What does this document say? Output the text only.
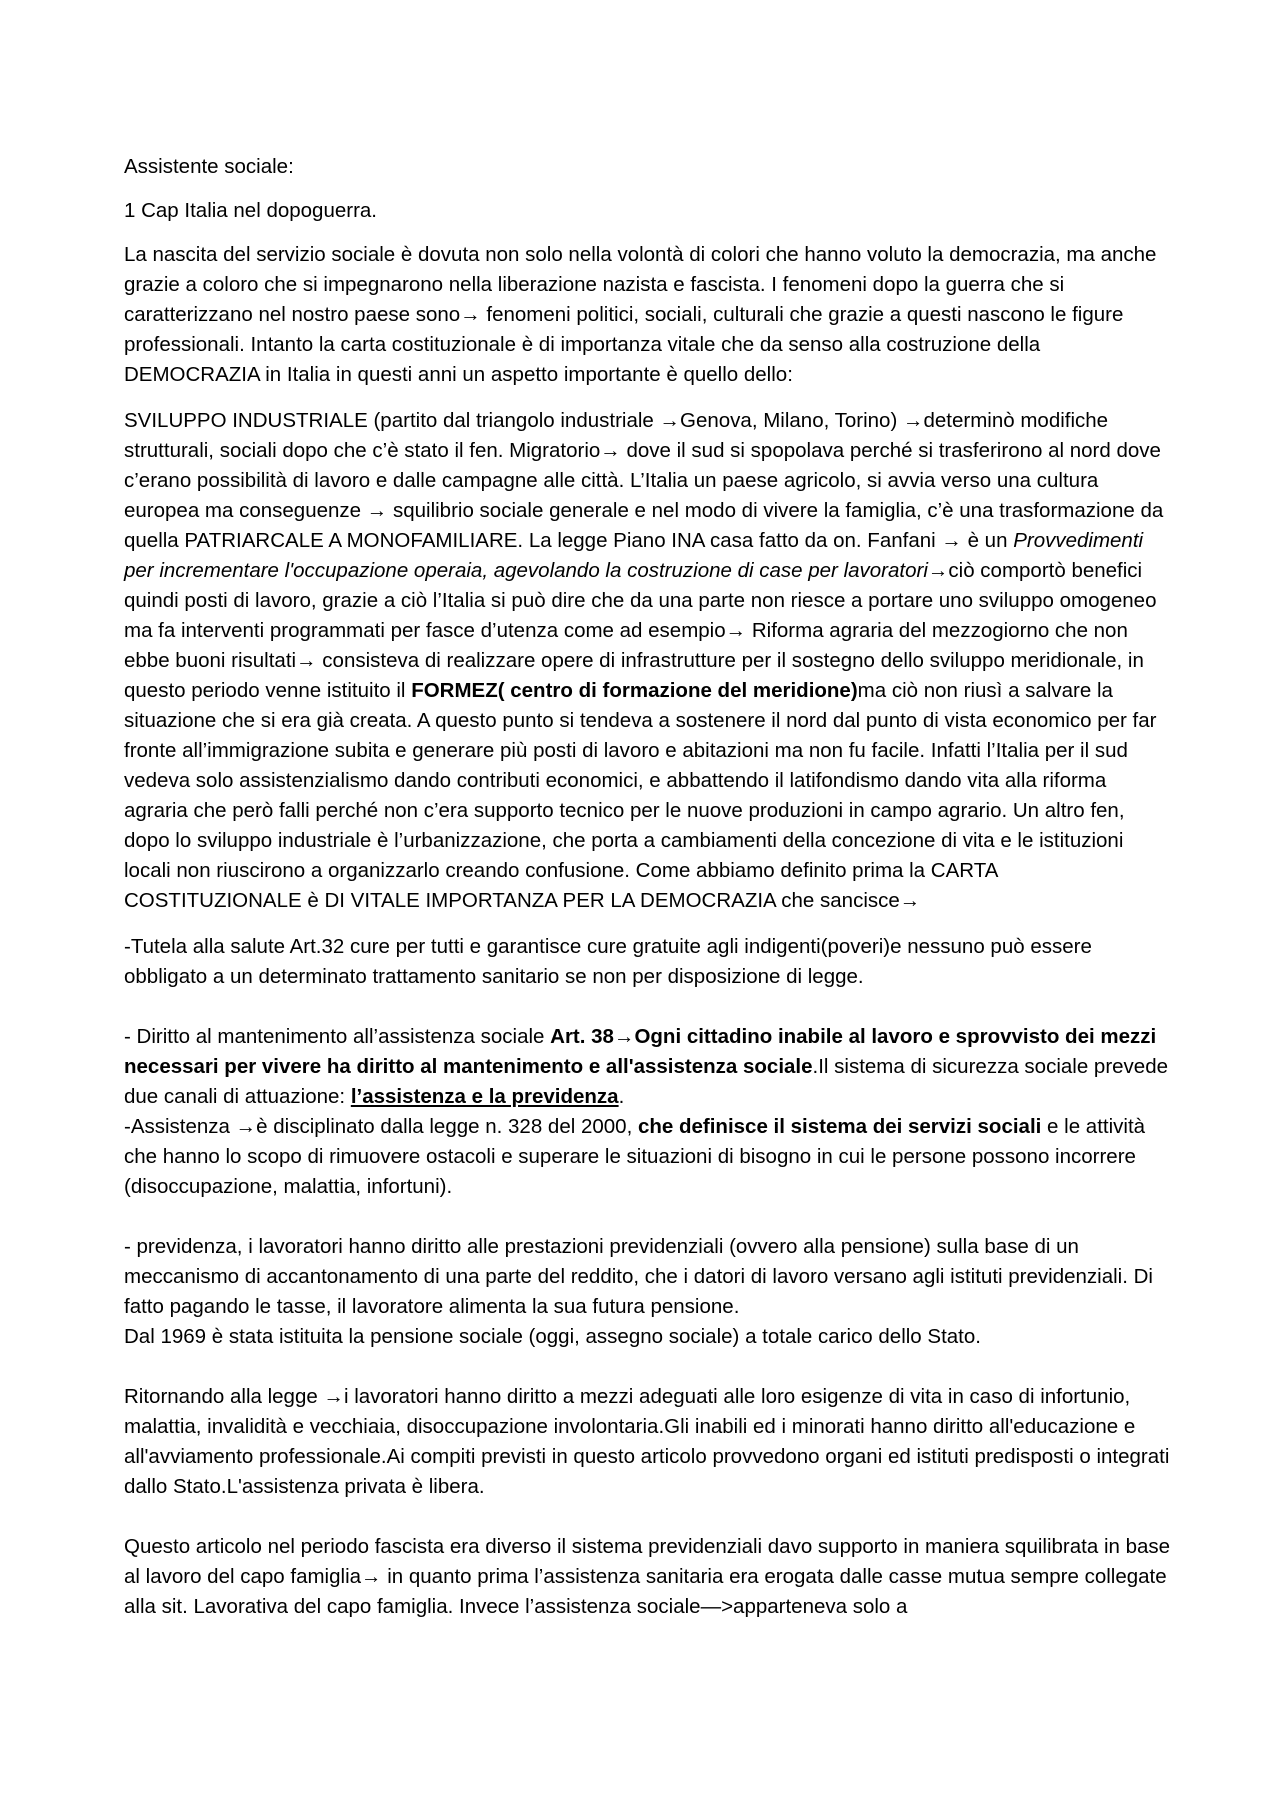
Assistente sociale:

1 Cap Italia nel dopoguerra.

La nascita del servizio sociale è dovuta non solo nella volontà di colori che hanno voluto la democrazia, ma anche grazie a coloro che si impegnarono nella liberazione nazista e fascista. I fenomeni dopo la guerra che si caratterizzano nel nostro paese sono→ fenomeni politici, sociali, culturali che grazie a questi nascono le figure professionali. Intanto la carta costituzionale è di importanza vitale che da senso alla costruzione della DEMOCRAZIA in Italia in questi anni un aspetto importante è quello dello:

SVILUPPO INDUSTRIALE (partito dal triangolo industriale →Genova, Milano, Torino) →determinò modifiche strutturali, sociali dopo che c’è stato il fen. Migratorio→ dove il sud si spopolava perché si trasferirono al nord dove c’erano possibilità di lavoro e dalle campagne alle città. L’Italia un paese agricolo, si avvia verso una cultura europea ma conseguenze → squilibrio sociale generale e nel modo di vivere la famiglia, c’è una trasformazione da quella PATRIARCALE A MONOFAMILIARE. La legge Piano INA casa fatto da on. Fanfani → è un Provvedimenti per incrementare l'occupazione operaia, agevolando la costruzione di case per lavoratori→ciò comportò benefici quindi posti di lavoro, grazie a ciò l’Italia si può dire che da una parte non riesce a portare uno sviluppo omogeneo ma fa interventi programmati per fasce d’utenza come ad esempio→ Riforma agraria del mezzogiorno che non ebbe buoni risultati→ consisteva di realizzare opere di infrastrutture per il sostegno dello sviluppo meridionale, in questo periodo venne istituito il FORMEZ( centro di formazione del meridione)ma ciò non riusì a salvare la situazione che si era già creata. A questo punto si tendeva a sostenere il nord dal punto di vista economico per far fronte all’immigrazione subita e generare più posti di lavoro e abitazioni ma non fu facile. Infatti l’Italia per il sud vedeva solo assistenzialismo dando contributi economici, e abbattendo il latifondismo dando vita alla riforma agraria che però falli perché non c’era supporto tecnico per le nuove produzioni in campo agrario. Un altro fen, dopo lo sviluppo industriale è l’urbanizzazione, che porta a cambiamenti della concezione di vita e le istituzioni locali non riuscirono a organizzarlo creando confusione. Come abbiamo definito prima la CARTA COSTITUZIONALE è DI VITALE IMPORTANZA PER LA DEMOCRAZIA che sancisce→

-Tutela alla salute Art.32 cure per tutti e garantisce cure gratuite agli indigenti(poveri)e nessuno può essere obbligato a un determinato trattamento sanitario se non per disposizione di legge.

- Diritto al mantenimento all’assistenza sociale Art. 38→Ogni cittadino inabile al lavoro e sprovvisto dei mezzi necessari per vivere ha diritto al mantenimento e all'assistenza sociale.Il sistema di sicurezza sociale prevede due canali di attuazione: l’assistenza e la previdenza.

-Assistenza →è disciplinato dalla legge n. 328 del 2000, che definisce il sistema dei servizi sociali e le attività che hanno lo scopo di rimuovere ostacoli e superare le situazioni di bisogno in cui le persone possono incorrere (disoccupazione, malattia, infortuni).

- previdenza, i lavoratori hanno diritto alle prestazioni previdenziali (ovvero alla pensione) sulla base di un meccanismo di accantonamento di una parte del reddito, che i datori di lavoro versano agli istituti previdenziali. Di fatto pagando le tasse, il lavoratore alimenta la sua futura pensione.

Dal 1969 è stata istituita la pensione sociale (oggi, assegno sociale) a totale carico dello Stato.

Ritornando alla legge →i lavoratori hanno diritto a mezzi adeguati alle loro esigenze di vita in caso di infortunio, malattia, invalidità e vecchiaia, disoccupazione involontaria.Gli inabili ed i minorati hanno diritto all'educazione e all'avviamento professionale.Ai compiti previsti in questo articolo provvedono organi ed istituti predisposti o integrati dallo Stato.L'assistenza privata è libera.

Questo articolo nel periodo fascista era diverso il sistema previdenziali davo supporto in maniera squilibrata in base al lavoro del capo famiglia→ in quanto prima l’assistenza sanitaria era erogata dalle casse mutua sempre collegate alla sit. Lavorativa del capo famiglia. Invece l’assistenza sociale—>apparteneva solo a
